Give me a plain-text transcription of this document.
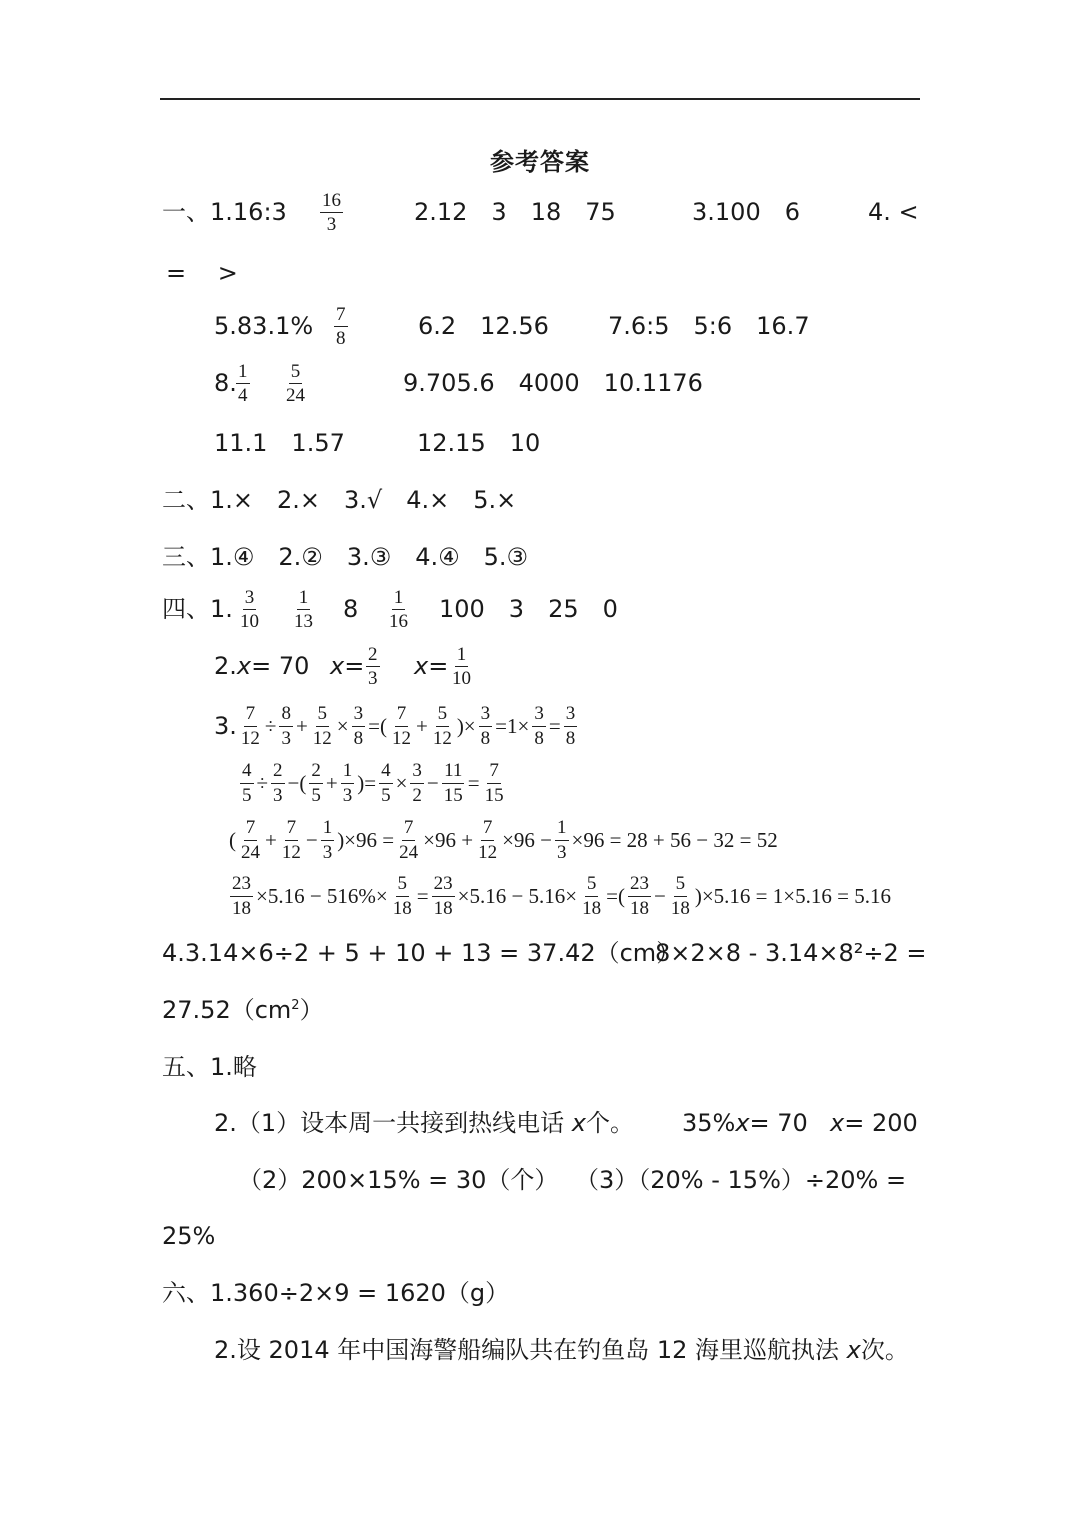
参考答案
一、1.16:3 $\frac{16}{3}$	2.12　3　18　75	3.100　6	4. <
=　 >
$5.83.1\% \frac{7}{8}$	6.2　12.56 7.6:5　5:6　16.7
8. $\frac{1}{4} \frac{5}{24}$	9.705.6　4000　10.1176
11.1　1.57	12.15　10
二、1.×　2.×　3.√　4.×　5.×
三、1.④　2.②　3.③　4.④　5.③
四、1. $\frac{3}{10} \frac{1}{13} 8 \frac{1}{16} 100$　3　25　0
2.x= 70 $x= \frac{2}{3} x= \frac{1}{10}$
3. $\frac{7}{12} \div \frac{8}{3} + \frac{5}{12} \times \frac{3}{8}$ =( $\frac{7}{12} + \frac{5}{12}$ )× $\frac{3}{8} =1\times \frac{3}{8} = \frac{3}{8}$
$\frac{4}{5} \div \frac{2}{3}$ −( $\frac{2}{5} + \frac{1}{3}$ )= $\frac{4}{5} \times \frac{3}{2} - \frac{11}{15} = \frac{7}{15}$
( $\frac{7}{24} + \frac{7}{12} - \frac{1}{3} )\times 96 = \frac{7}{24} \times 96 + \frac{7}{12} \times 96 - \frac{1}{3} \times 96 = 28 + 56 - 32 = 52$
$\frac{23}{18} \times 5.16 - 516\%\times \frac{5}{18} = \frac{23}{18} \times 5.16 - 5.16\times \frac{5}{18}$ =( $\frac{23}{18} - \frac{5}{18} )\times 5.16 = 1\times 5.16 = 5.16$
4.3.14×6÷2 + 5 + 10 + 13 = 37.42（cm）
8×2×8 - 3.14×8²÷2 =
$27.52(cm^2)$
五、1.略
2.（1）设本周一共接到热线电话 x个。 35%x= 70 x= 200
（2）200×15% = 30（个） （3）（20% - 15%）÷20% =
25%
六、1.360÷2×9 = 1620（g）
2.设 2014 年中国海警船编队共在钓鱼岛 12 海里巡航执法 x次。
